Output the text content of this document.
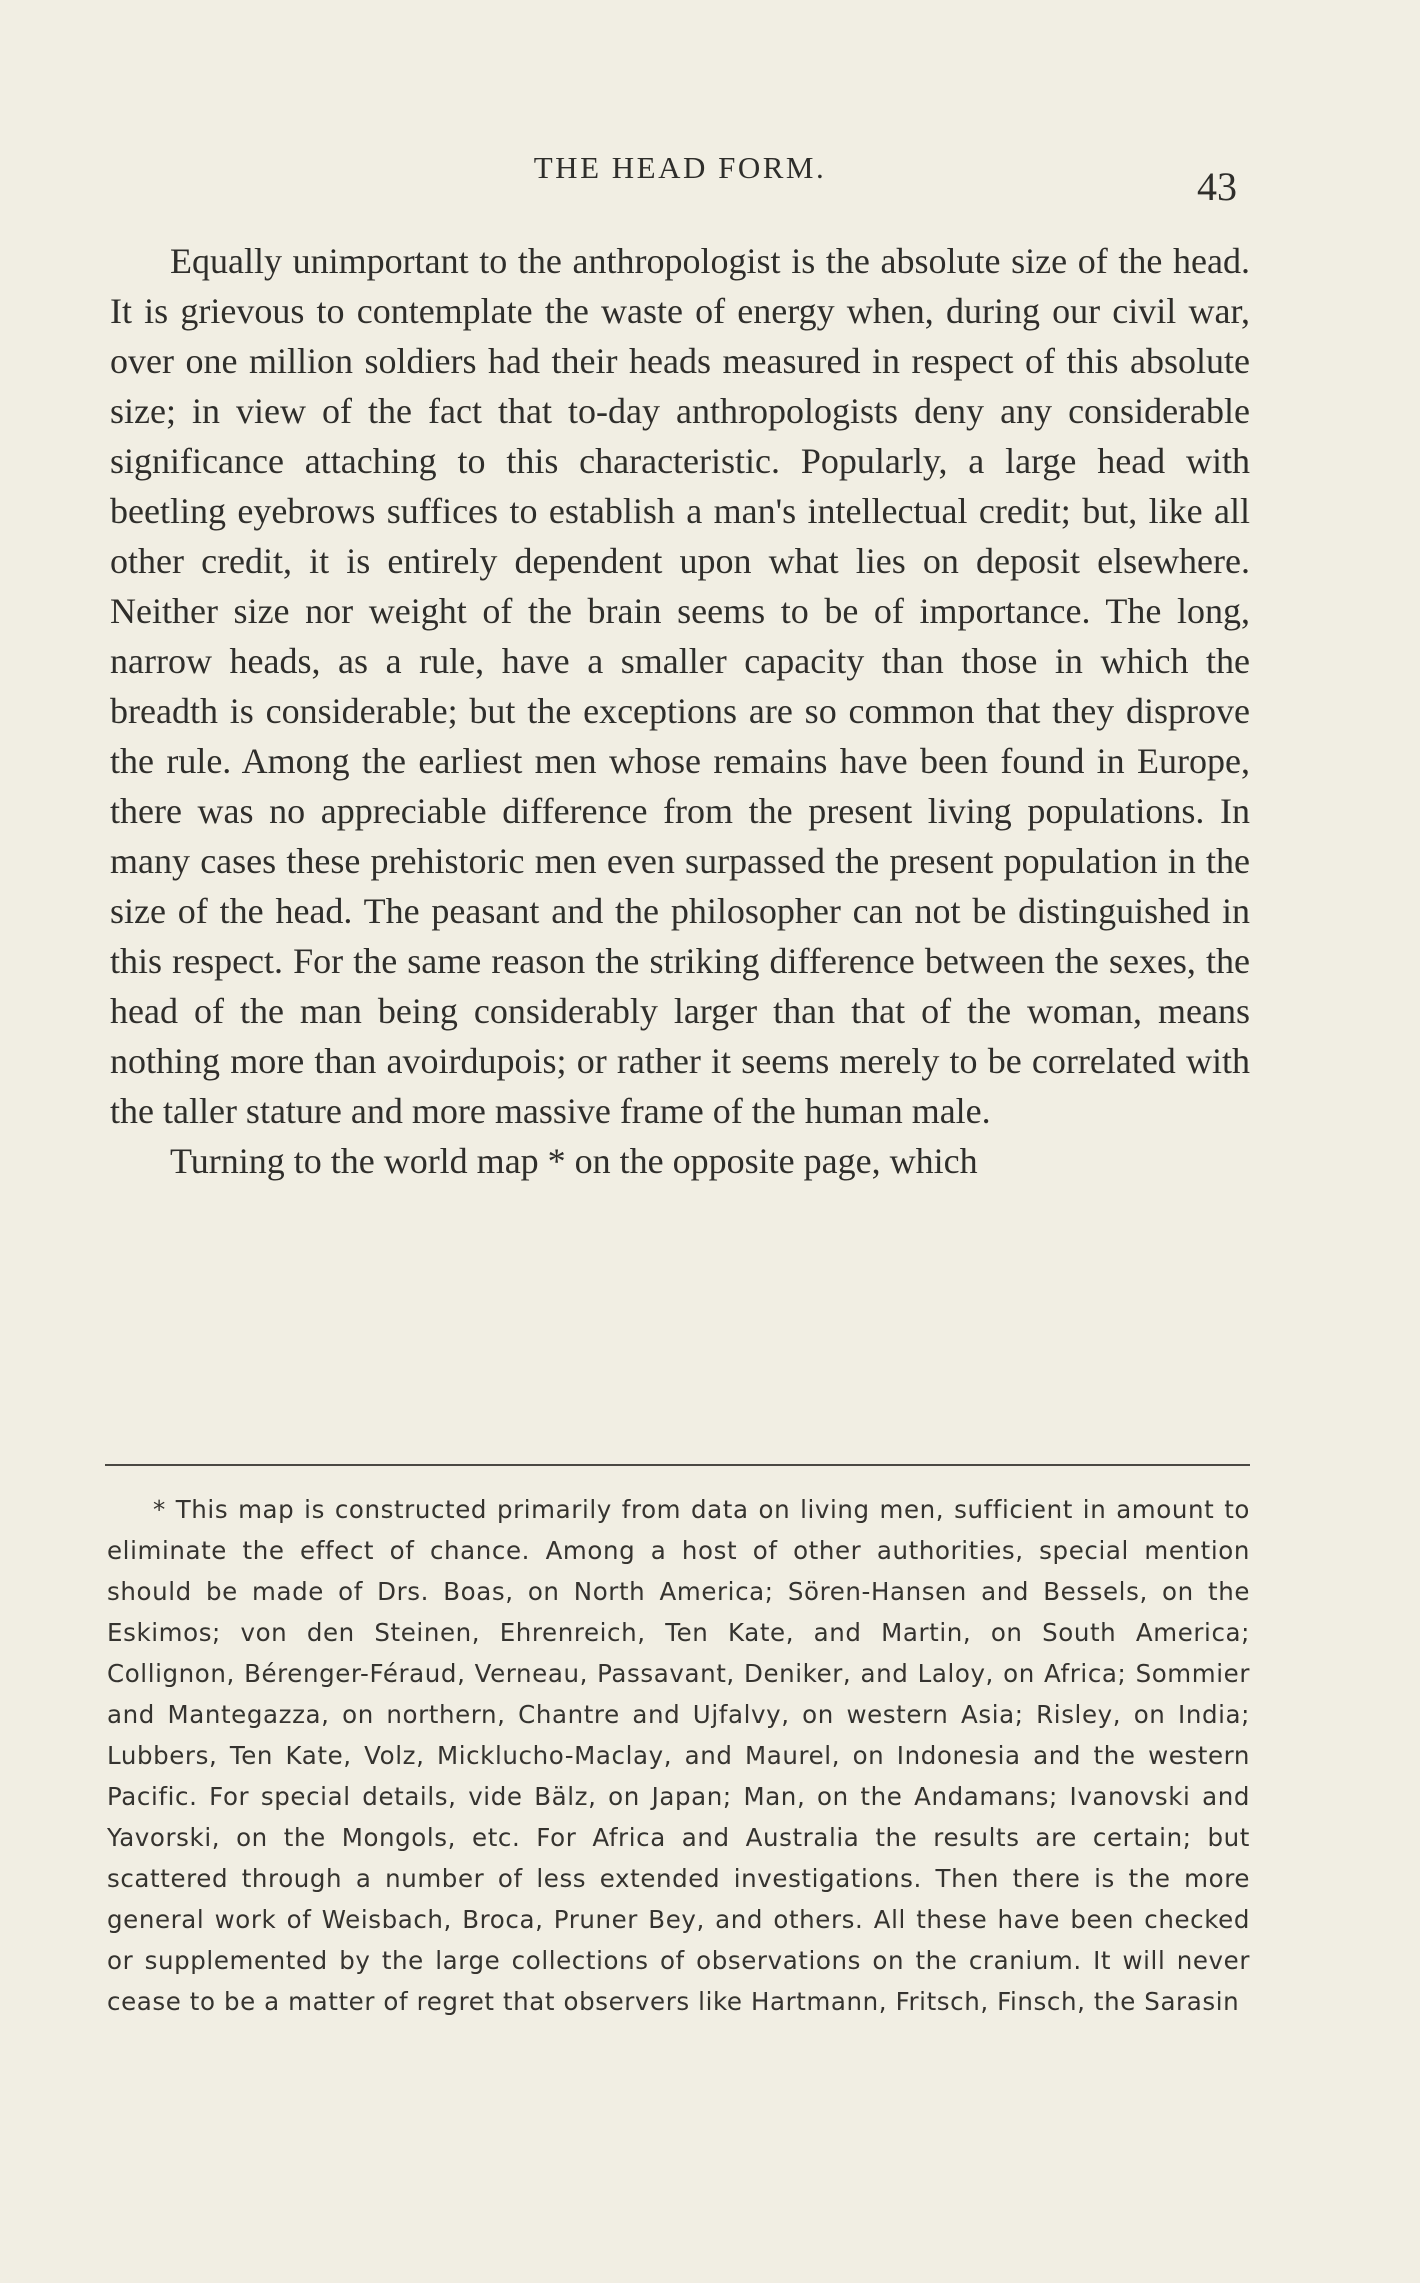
THE HEAD FORM.	43

Equally unimportant to the anthropologist is the absolute size of the head. It is grievous to contemplate the waste of energy when, during our civil war, over one million soldiers had their heads measured in respect of this absolute size; in view of the fact that to-day anthropologists deny any considerable significance attaching to this characteristic. Popularly, a large head with beetling eyebrows suffices to establish a man's intellectual credit; but, like all other credit, it is entirely dependent upon what lies on deposit elsewhere. Neither size nor weight of the brain seems to be of importance. The long, narrow heads, as a rule, have a smaller capacity than those in which the breadth is considerable; but the exceptions are so common that they disprove the rule. Among the earliest men whose remains have been found in Europe, there was no appreciable difference from the present living populations. In many cases these prehistoric men even surpassed the present population in the size of the head. The peasant and the philosopher can not be distinguished in this respect. For the same reason the striking difference between the sexes, the head of the man being considerably larger than that of the woman, means nothing more than avoirdupois; or rather it seems merely to be correlated with the taller stature and more massive frame of the human male.

Turning to the world map * on the opposite page, which

* This map is constructed primarily from data on living men, sufficient in amount to eliminate the effect of chance. Among a host of other authorities, special mention should be made of Drs. Boas, on North America; Sören-Hansen and Bessels, on the Eskimos; von den Steinen, Ehrenreich, Ten Kate, and Martin, on South America; Collignon, Bérenger-Féraud, Verneau, Passavant, Deniker, and Laloy, on Africa; Sommier and Mantegazza, on northern, Chantre and Ujfalvy, on western Asia; Risley, on India; Lubbers, Ten Kate, Volz, Micklucho-Maclay, and Maurel, on Indonesia and the western Pacific. For special details, vide Bälz, on Japan; Man, on the Andamans; Ivanovski and Yavorski, on the Mongols, etc. For Africa and Australia the results are certain; but scattered through a number of less extended investigations. Then there is the more general work of Weisbach, Broca, Pruner Bey, and others. All these have been checked or supplemented by the large collections of observations on the cranium. It will never cease to be a matter of regret that observers like Hartmann, Fritsch, Finsch, the Sarasin
